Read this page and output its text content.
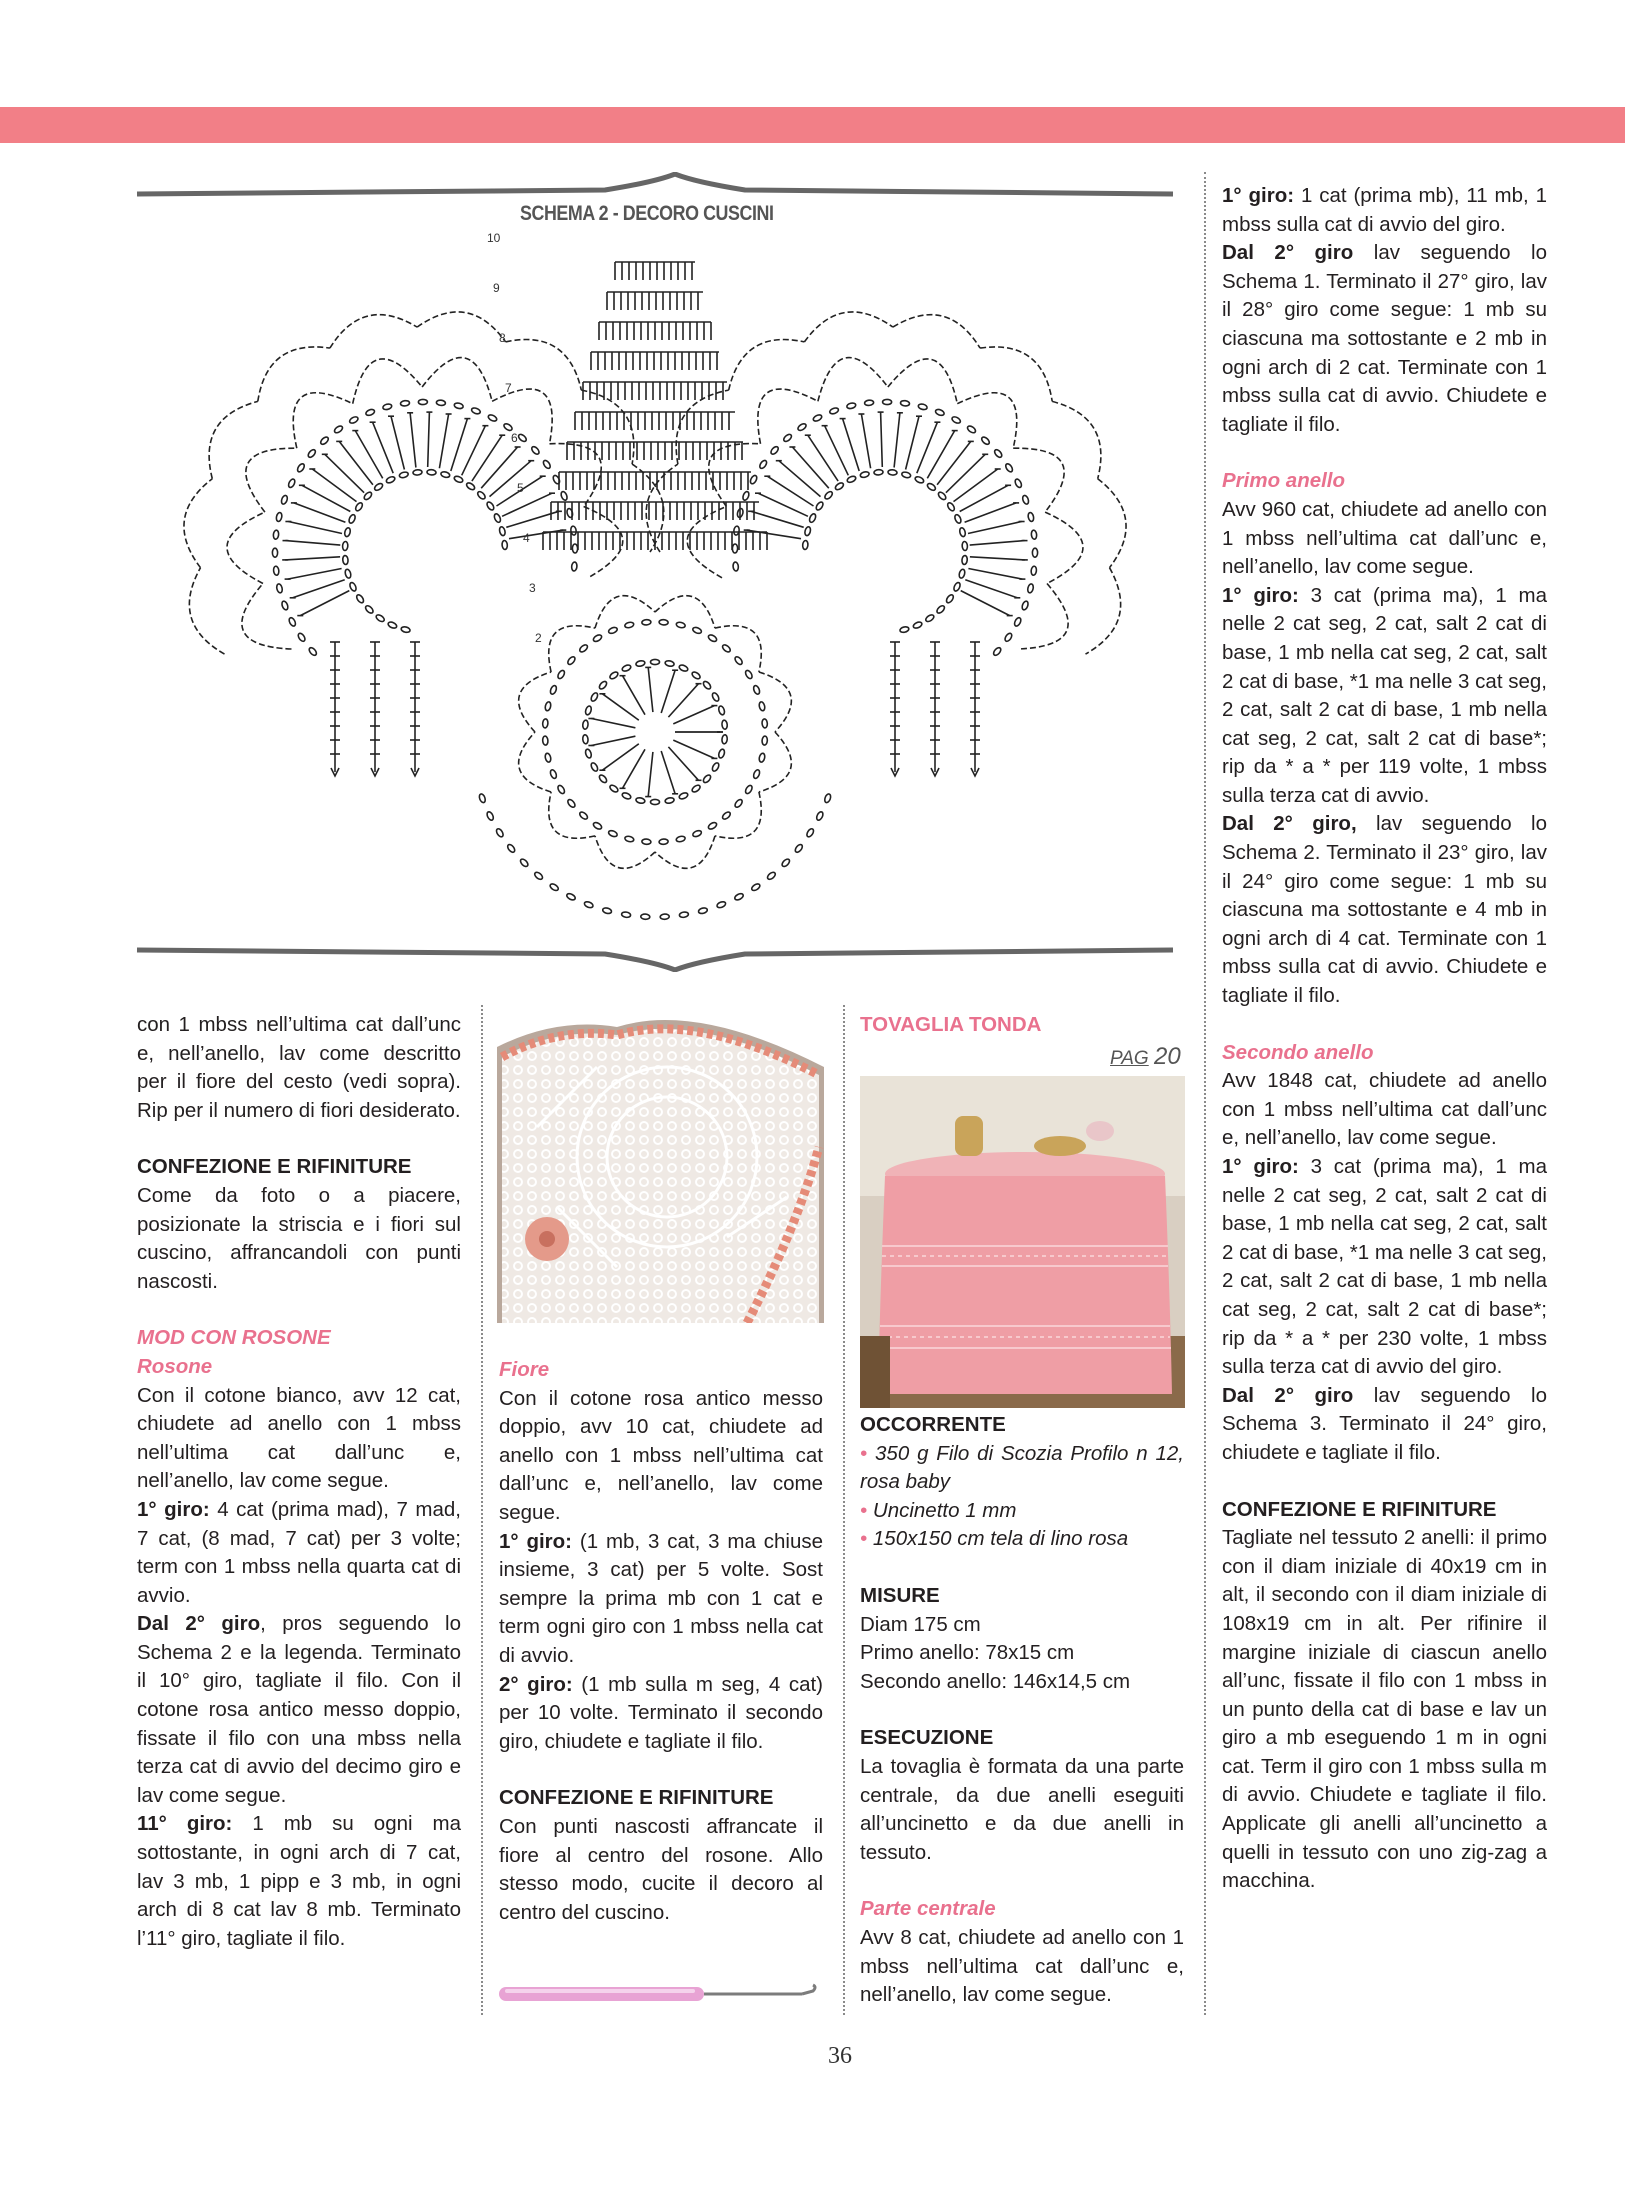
10
9
8
7
6
5
4
3
2
SCHEMA 2 - DECORO CUSCINI

con 1 mbss nell’ultima cat dall’unc e, nell’anello, lav come descritto per il fiore del cesto (vedi sopra). Rip per il numero di fiori desiderato.

CONFEZIONE E RIFINITURE

Come da foto o a piacere, posizionate la striscia e i fiori sul cuscino, affrancandoli con punti nascosti.

MOD CON ROSONE
Rosone

Con il cotone bianco, avv 12 cat, chiudete ad anello con 1 mbss nell’ultima cat dall’unc e, nell’anello, lav come segue.

1° giro: 4 cat (prima mad), 7 mad, 7 cat, (8 mad, 7 cat) per 3 volte; term con 1 mbss nella quarta cat di avvio.

Dal 2° giro, pros seguendo lo Schema 2 e la legenda. Terminato il 10° giro, tagliate il filo. Con il cotone rosa antico messo doppio, fissate il filo con una mbss nella terza cat di avvio del decimo giro e lav come segue.

11° giro: 1 mb su ogni ma sottostante, in ogni arch di 7 cat, lav 3 mb, 1 pipp e 3 mb, in ogni arch di 8 cat lav 8 mb. Terminato l’11° giro, tagliate il filo.

Fiore

Con il cotone rosa antico messo doppio, avv 10 cat, chiudete ad anello con 1 mbss nell’ultima cat dall’unc e, nell’anello, lav come segue.

1° giro: (1 mb, 3 cat, 3 ma chiuse insieme, 3 cat) per 5 volte. Sost sempre la prima mb con 1 cat e term ogni giro con 1 mbss nella cat di avvio.

2° giro: (1 mb sulla m seg, 4 cat) per 10 volte. Terminato il secondo giro, chiudete e tagliate il filo.

CONFEZIONE E RIFINITURE

Con punti nascosti affrancate il fiore al centro del rosone. Allo stesso modo, cucite il decoro al centro del cuscino.

TOVAGLIA TONDA
PAG 20
OCCORRENTE

• 350 g Filo di Scozia Profilo n 12, rosa baby

• Uncinetto 1 mm

• 150x150 cm tela di lino rosa

MISURE

Diam 175 cm

Primo anello: 78x15 cm

Secondo anello: 146x14,5 cm

ESECUZIONE

La tovaglia è formata da una parte centrale, da due anelli eseguiti all’uncinetto e da due anelli in tessuto.

Parte centrale

Avv 8 cat, chiudete ad anello con 1 mbss nell’ultima cat dall’unc e, nell’anello, lav come segue.

1° giro: 1 cat (prima mb), 11 mb, 1 mbss sulla cat di avvio del giro.

Dal 2° giro lav seguendo lo Schema 1. Terminato il 27° giro, lav il 28° giro come segue: 1 mb su ciascuna ma sottostante e 2 mb in ogni arch di 2 cat. Terminate con 1 mbss sulla cat di avvio. Chiudete e tagliate il filo.

Primo anello

Avv 960 cat, chiudete ad anello con 1 mbss nell’ultima cat dall’unc e, nell’anello, lav come segue.

1° giro: 3 cat (prima ma), 1 ma nelle 2 cat seg, 2 cat, salt 2 cat di base, 1 mb nella cat seg, 2 cat, salt 2 cat di base, *1 ma nelle 3 cat seg, 2 cat, salt 2 cat di base, 1 mb nella cat seg, 2 cat, salt 2 cat di base*; rip da * a * per 119 volte, 1 mbss sulla terza cat di avvio.

Dal 2° giro, lav seguendo lo Schema 2. Terminato il 23° giro, lav il 24° giro come segue: 1 mb su ciascuna ma sottostante e 4 mb in ogni arch di 4 cat. Terminate con 1 mbss sulla cat di avvio. Chiudete e tagliate il filo.

Secondo anello

Avv 1848 cat, chiudete ad anello con 1 mbss nell’ultima cat dall’unc e, nell’anello, lav come segue.

1° giro: 3 cat (prima ma), 1 ma nelle 2 cat seg, 2 cat, salt 2 cat di base, 1 mb nella cat seg, 2 cat, salt 2 cat di base, *1 ma nelle 3 cat seg, 2 cat, salt 2 cat di base, 1 mb nella cat seg, 2 cat, salt 2 cat di base*; rip da * a * per 230 volte, 1 mbss sulla terza cat di avvio del giro.

Dal 2° giro lav seguendo lo Schema 3. Terminato il 24° giro, chiudete e tagliate il filo.

CONFEZIONE E RIFINITURE

Tagliate nel tessuto 2 anelli: il primo con il diam iniziale di 40x19 cm in alt, il secondo con il diam iniziale di 108x19 cm in alt. Per rifinire il margine iniziale di ciascun anello all’unc, fissate il filo con 1 mbss in un punto della cat di base e lav un giro a mb eseguendo 1 m in ogni cat. Term il giro con 1 mbss sulla m di avvio. Chiudete e tagliate il filo. Applicate gli anelli all’uncinetto a quelli in tessuto con uno zig-zag a macchina.

36
